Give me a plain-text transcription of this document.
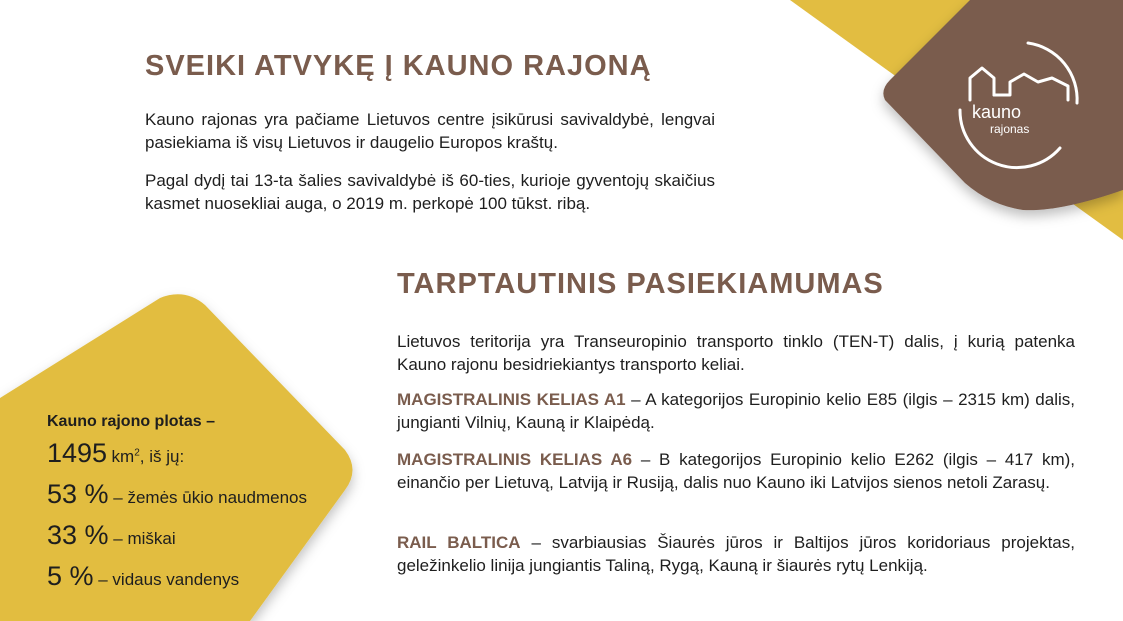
kauno
rajonas
SVEIKI ATVYKĘ Į KAUNO RAJONĄ

Kauno rajonas yra pačiame Lietuvos centre įsikūrusi savivaldybė, lengvai pasiekiama iš visų Lietuvos ir daugelio Europos kraštų.

Pagal dydį tai 13-ta šalies savivaldybė iš 60-ties, kurioje gyventojų skaičius kasmet nuosekliai auga, o 2019 m. perkopė 100 tūkst. ribą.

TARPTAUTINIS PASIEKIAMUMAS

Lietuvos teritorija yra Transeuropinio transporto tinklo (TEN-T) dalis, į kurią patenka Kauno rajonu besidriekiantys transporto keliai.

MAGISTRALINIS KELIAS A1 – A kategorijos Europinio kelio E85 (ilgis – 2315 km) dalis, jungianti Vilnių, Kauną ir Klaipėdą.

MAGISTRALINIS KELIAS A6 – B kategorijos Europinio kelio E262 (ilgis – 417 km), einančio per Lietuvą, Latviją ir Rusiją, dalis nuo Kauno iki Latvijos sienos netoli Zarasų.

RAIL BALTICA – svarbiausias Šiaurės jūros ir Baltijos jūros koridoriaus projektas, geležinkelio linija jungiantis Taliną, Rygą, Kauną ir šiaurės rytų Lenkiją.

Kauno rajono plotas –
1495 $km^2$, iš jų:
53 % – žemės ūkio naudmenos
33 % – miškai
5 % – vidaus vandenys
